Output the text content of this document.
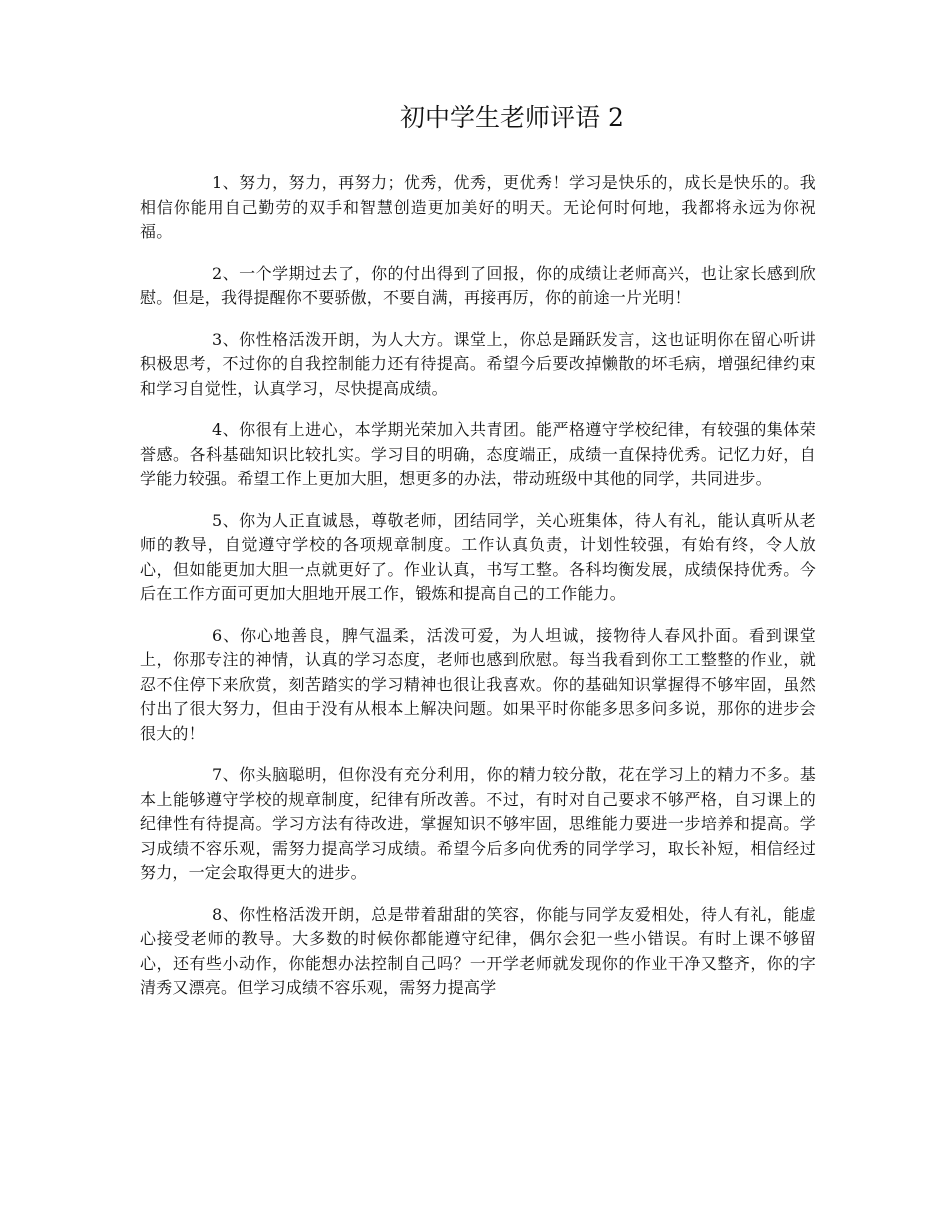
初中学生老师评语 2

1、努力，努力，再努力；优秀，优秀，更优秀！学习是快乐的，成长是快乐的。我相信你能用自己勤劳的双手和智慧创造更加美好的明天。无论何时何地，我都将永远为你祝福。

2、一个学期过去了，你的付出得到了回报，你的成绩让老师高兴，也让家长感到欣慰。但是，我得提醒你不要骄傲，不要自满，再接再厉，你的前途一片光明！

3、你性格活泼开朗，为人大方。课堂上，你总是踊跃发言，这也证明你在留心听讲积极思考，不过你的自我控制能力还有待提高。希望今后要改掉懒散的坏毛病，增强纪律约束和学习自觉性，认真学习，尽快提高成绩。

4、你很有上进心，本学期光荣加入共青团。能严格遵守学校纪律，有较强的集体荣誉感。各科基础知识比较扎实。学习目的明确，态度端正，成绩一直保持优秀。记忆力好，自学能力较强。希望工作上更加大胆，想更多的办法，带动班级中其他的同学，共同进步。

5、你为人正直诚恳，尊敬老师，团结同学，关心班集体，待人有礼，能认真听从老师的教导，自觉遵守学校的各项规章制度。工作认真负责，计划性较强，有始有终，令人放心，但如能更加大胆一点就更好了。作业认真，书写工整。各科均衡发展，成绩保持优秀。今后在工作方面可更加大胆地开展工作，锻炼和提高自己的工作能力。

6、你心地善良，脾气温柔，活泼可爱，为人坦诚，接物待人春风扑面。看到课堂上，你那专注的神情，认真的学习态度，老师也感到欣慰。每当我看到你工工整整的作业，就忍不住停下来欣赏，刻苦踏实的学习精神也很让我喜欢。你的基础知识掌握得不够牢固，虽然付出了很大努力，但由于没有从根本上解决问题。如果平时你能多思多问多说，那你的进步会很大的！

7、你头脑聪明，但你没有充分利用，你的精力较分散，花在学习上的精力不多。基本上能够遵守学校的规章制度，纪律有所改善。不过，有时对自己要求不够严格，自习课上的纪律性有待提高。学习方法有待改进，掌握知识不够牢固，思维能力要进一步培养和提高。学习成绩不容乐观，需努力提高学习成绩。希望今后多向优秀的同学学习，取长补短，相信经过努力，一定会取得更大的进步。

8、你性格活泼开朗，总是带着甜甜的笑容，你能与同学友爱相处，待人有礼，能虚心接受老师的教导。大多数的时候你都能遵守纪律，偶尔会犯一些小错误。有时上课不够留心，还有些小动作，你能想办法控制自己吗？一开学老师就发现你的作业干净又整齐，你的字清秀又漂亮。但学习成绩不容乐观，需努力提高学
